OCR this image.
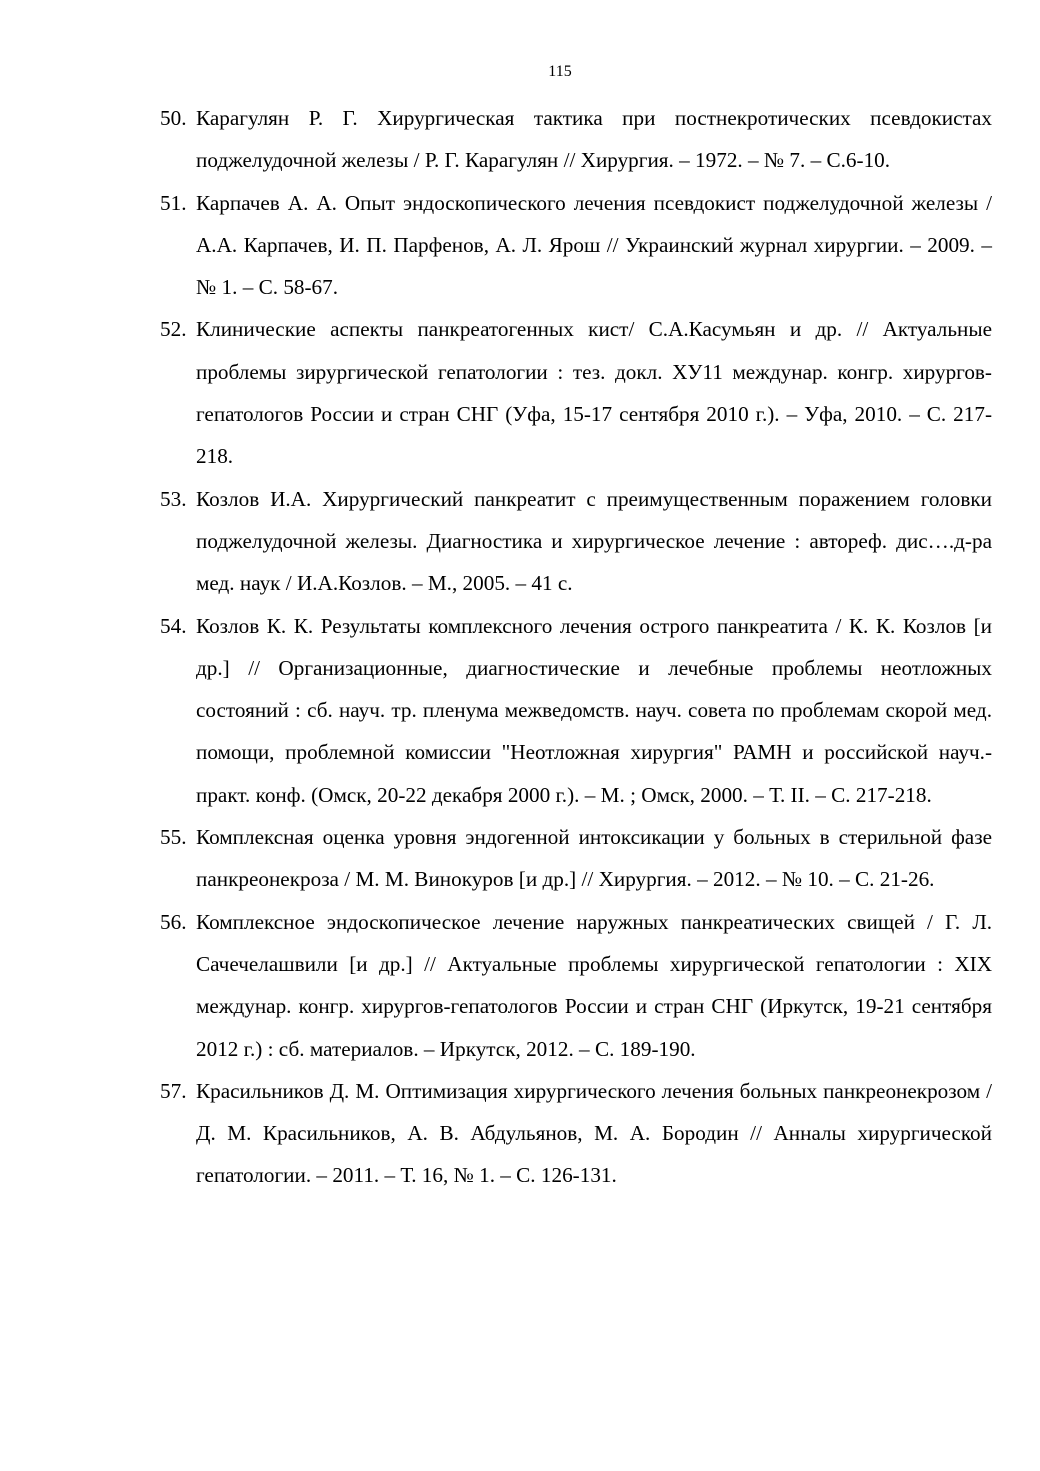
115
50. Карагулян Р. Г. Хирургическая тактика при постнекротических псевдокистах поджелудочной железы / Р. Г. Карагулян // Хирургия. – 1972. – № 7. – С.6-10.
51. Карпачев А. А. Опыт эндоскопического лечения псевдокист поджелудочной железы / А.А. Карпачев, И. П. Парфенов, А. Л. Ярош // Украинский журнал хирургии. – 2009. – № 1. – С. 58-67.
52. Клинические аспекты панкреатогенных кист/ С.А.Касумьян и др. // Актуальные проблемы зирургической гепатологии : тез. докл. ХУ11 междунар. конгр. хирургов-гепатологов России и стран СНГ (Уфа, 15-17 сентября 2010 г.). – Уфа, 2010. – С. 217-218.
53. Козлов И.А. Хирургический панкреатит с преимущественным поражением головки поджелудочной железы. Диагностика и хирургическое лечение : автореф. дис….д-ра мед. наук / И.А.Козлов. – М., 2005. – 41 с.
54. Козлов К. К. Результаты комплексного лечения острого панкреатита / К. К. Козлов [и др.] // Организационные, диагностические и лечебные проблемы неотложных состояний : сб. науч. тр. пленума межведомств. науч. совета по проблемам скорой мед. помощи, проблемной комиссии "Неотложная хирургия" РАМН и российской науч.-практ. конф. (Омск, 20-22 декабря 2000 г.). – М. ; Омск, 2000. – Т. II. – С. 217-218.
55. Комплексная оценка уровня эндогенной интоксикации у больных в стерильной фазе панкреонекроза / М. М. Винокуров [и др.] // Хирургия. – 2012. – № 10. – С. 21-26.
56. Комплексное эндоскопическое лечение наружных панкреатических свищей / Г. Л. Сачечелашвили [и др.] // Актуальные проблемы хирургической гепатологии : XIX междунар. конгр. хирургов-гепатологов России и стран СНГ (Иркутск, 19-21 сентября 2012 г.) : сб. материалов. – Иркутск, 2012. – С. 189-190.
57. Красильников Д. М. Оптимизация хирургического лечения больных панкреонекрозом / Д. М. Красильников, А. В. Абдульянов, М. А. Бородин // Анналы хирургической гепатологии. – 2011. – Т. 16, № 1. – С. 126-131.
